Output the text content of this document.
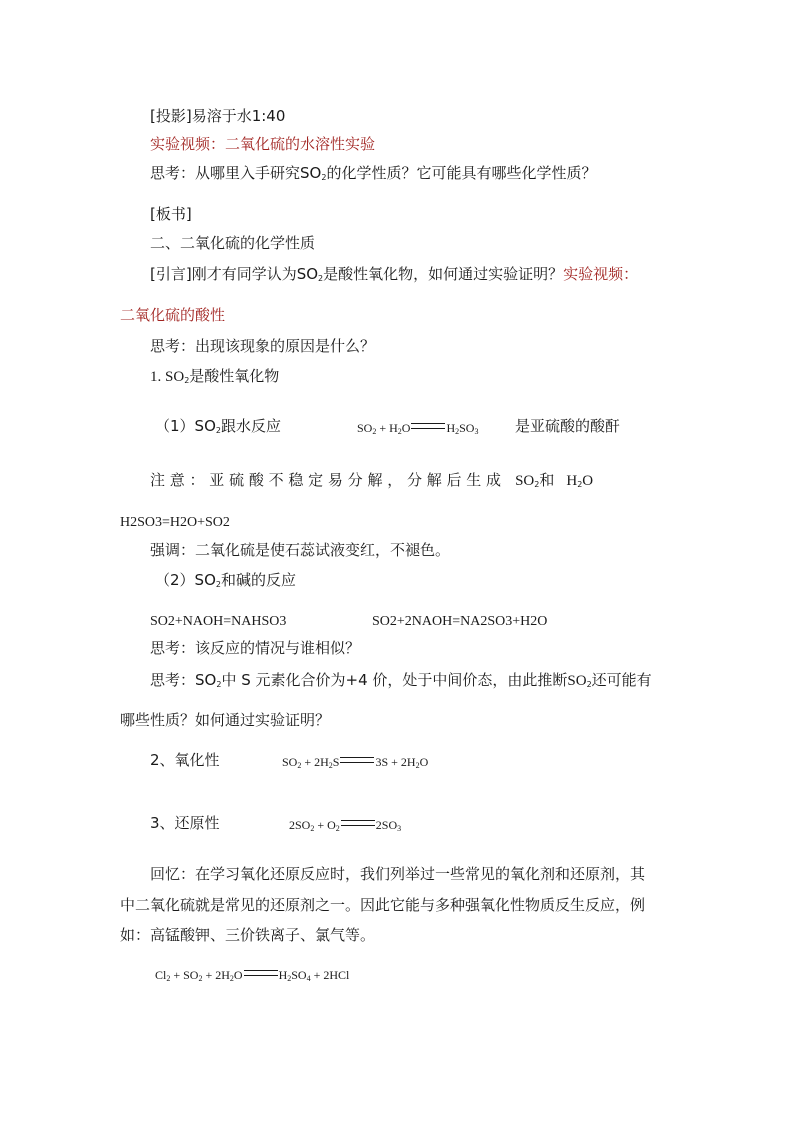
[投影]易溶于水1:40
实验视频：二氧化硫的水溶性实验
思考：从哪里入手研究$SO_2$的化学性质？它可能具有哪些化学性质？
[板书]
二、二氧化硫的化学性质
[引言]刚才有同学认为$SO_2$是酸性氧化物，如何通过实验证明？实验视频：
二氧化硫的酸性
思考：出现该现象的原因是什么？
1. $SO_2$是酸性氧化物
$(1)SO_2$跟水反应	$SO_2 + H_2O$	$H_2SO_3$ 是亚硫酸的酸酐
注 意 ： 亚 硫 酸 不 稳 定 易 分 解 ， 分 解 后 生 成 $SO_2$和 $H_2O$
H2SO3=H2O+SO2
强调：二氧化硫是使石蕊试液变红，不褪色。
$(2)SO_2$和碱的反应
SO2+NAOH=NAHSO3	SO2+2NAOH=NA2SO3+H2O
思考：该反应的情况与谁相似？
思考：$SO_2$中 S 元素化合价为+4 价，处于中间价态，由此推断$SO_2$还可能有
哪些性质？如何通过实验证明？
2、氧化性	$SO_2 + 2H_2S$	$3S + 2H_2O$
3、还原性	$2SO_2 + O_2$	$2SO_3$
回忆：在学习氧化还原反应时，我们列举过一些常见的氧化剂和还原剂，其
中二氧化硫就是常见的还原剂之一。因此它能与多种强氧化性物质反生反应，例
如：高锰酸钾、三价铁离子、氯气等。
$Cl_2 + SO_2 + 2H_2O$	$H_2SO_4 + 2HCl$
